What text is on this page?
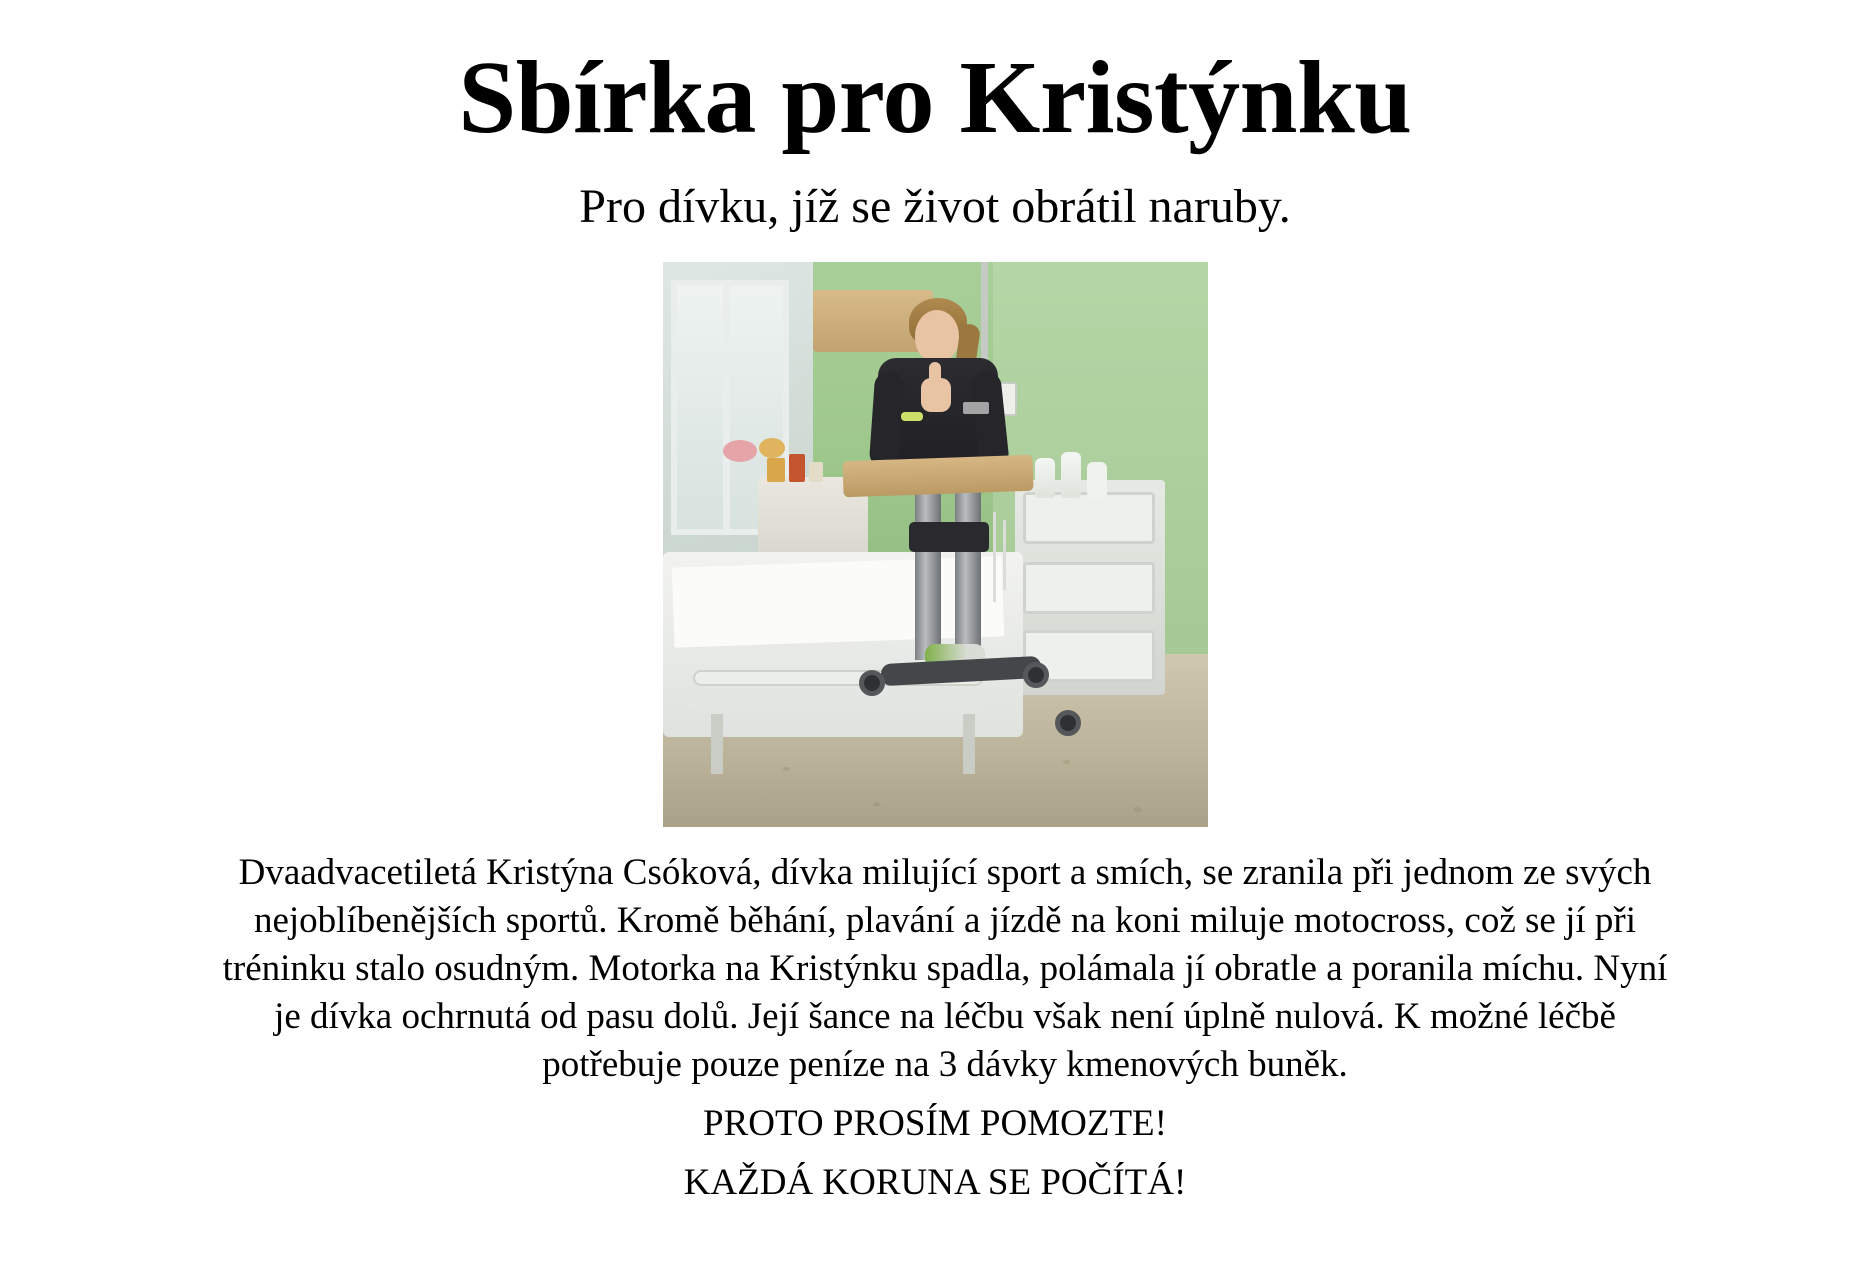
Sbírka pro Kristýnku
Pro dívku, jíž se život obrátil naruby.

Dvaadvacetiletá Kristýna Csóková, dívka milující sport a smích, se zranila při jednom ze svých nejoblíbenějších sportů. Kromě běhání, plavání a jízdě na koni miluje motocross, což se jí při tréninku stalo osudným. Motorka na Kristýnku spadla, polámala jí obratle a poranila míchu. Nyní je dívka ochrnutá od pasu dolů. Její šance na léčbu však není úplně nulová. K možné léčbě potřebuje pouze peníze na 3 dávky kmenových buněk.

PROTO PROSÍM POMOZTE!
KAŽDÁ KORUNA SE POČÍTÁ!
